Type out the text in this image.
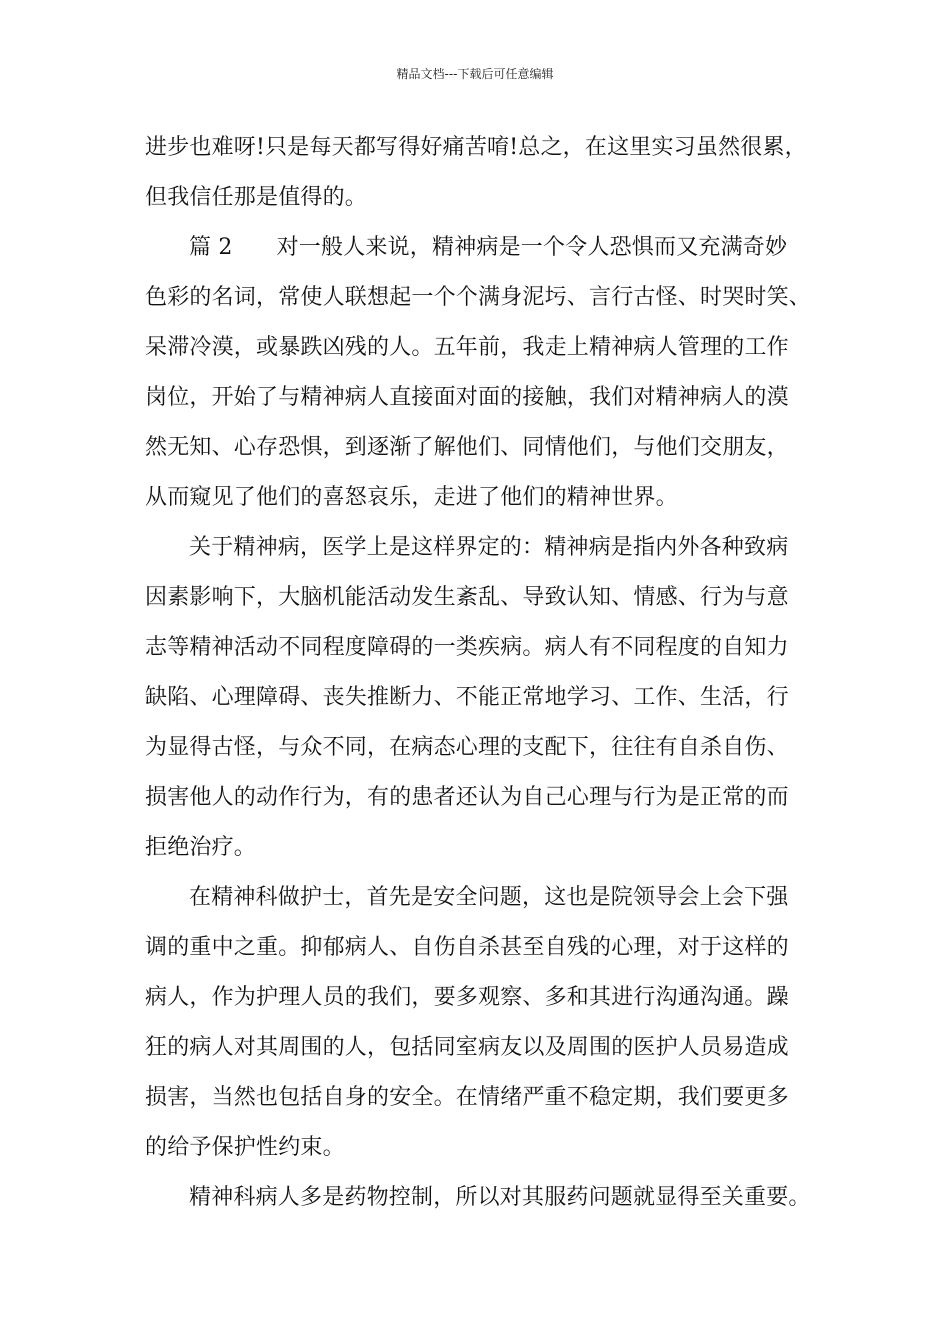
精品文档---下载后可任意编辑
进步也难呀!只是每天都写得好痛苦唷!总之，在这里实习虽然很累，
但我信任那是值得的。
篇 2 对一般人来说，精神病是一个令人恐惧而又充满奇妙
色彩的名词，常使人联想起一个个满身泥圬、言行古怪、时哭时笑、
呆滞冷漠，或暴跌凶残的人。五年前，我走上精神病人管理的工作
岗位，开始了与精神病人直接面对面的接触，我们对精神病人的漠
然无知、心存恐惧，到逐渐了解他们、同情他们，与他们交朋友，
从而窥见了他们的喜怒哀乐，走进了他们的精神世界。
关于精神病，医学上是这样界定的：精神病是指内外各种致病
因素影响下，大脑机能活动发生紊乱、导致认知、情感、行为与意
志等精神活动不同程度障碍的一类疾病。病人有不同程度的自知力
缺陷、心理障碍、丧失推断力、不能正常地学习、工作、生活，行
为显得古怪，与众不同，在病态心理的支配下，往往有自杀自伤、
损害他人的动作行为，有的患者还认为自己心理与行为是正常的而
拒绝治疗。
在精神科做护士，首先是安全问题，这也是院领导会上会下强
调的重中之重。抑郁病人、自伤自杀甚至自残的心理，对于这样的
病人，作为护理人员的我们，要多观察、多和其进行沟通沟通。躁
狂的病人对其周围的人，包括同室病友以及周围的医护人员易造成
损害，当然也包括自身的安全。在情绪严重不稳定期，我们要更多
的给予保护性约束。
精神科病人多是药物控制，所以对其服药问题就显得至关重要。
